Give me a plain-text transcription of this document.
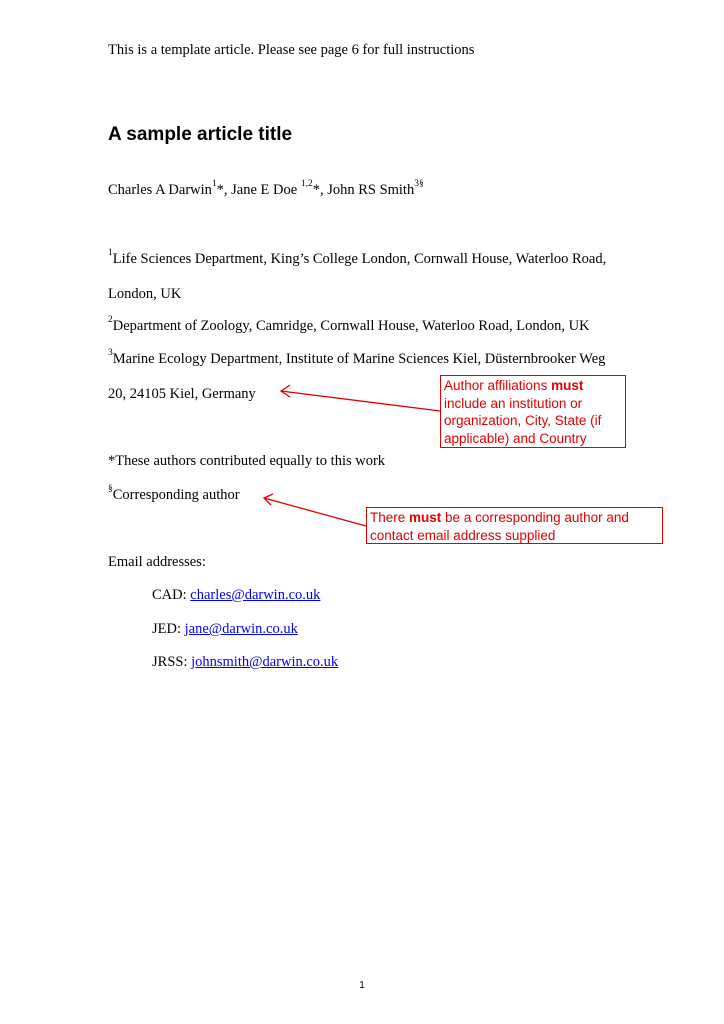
This is a template article. Please see page 6 for full instructions
A sample article title
Charles A Darwin$^1$*, Jane E Doe $^{1,2}$*, John RS Smith$^{3\S}$
$^1$Life Sciences Department, King’s College London, Cornwall House, Waterloo Road,
London, UK
$^2$Department of Zoology, Camridge, Cornwall House, Waterloo Road, London, UK
$^3$Marine Ecology Department, Institute of Marine Sciences Kiel, Düsternbrooker Weg
20, 24105 Kiel, Germany
*These authors contributed equally to this work
§Corresponding author
Email addresses:
CAD: charles@darwin.co.uk
JED: jane@darwin.co.uk
JRSS: johnsmith@darwin.co.uk
Author affiliations must include an institution or organization, City, State (if applicable) and Country
There must be a corresponding author and contact email address supplied
1
